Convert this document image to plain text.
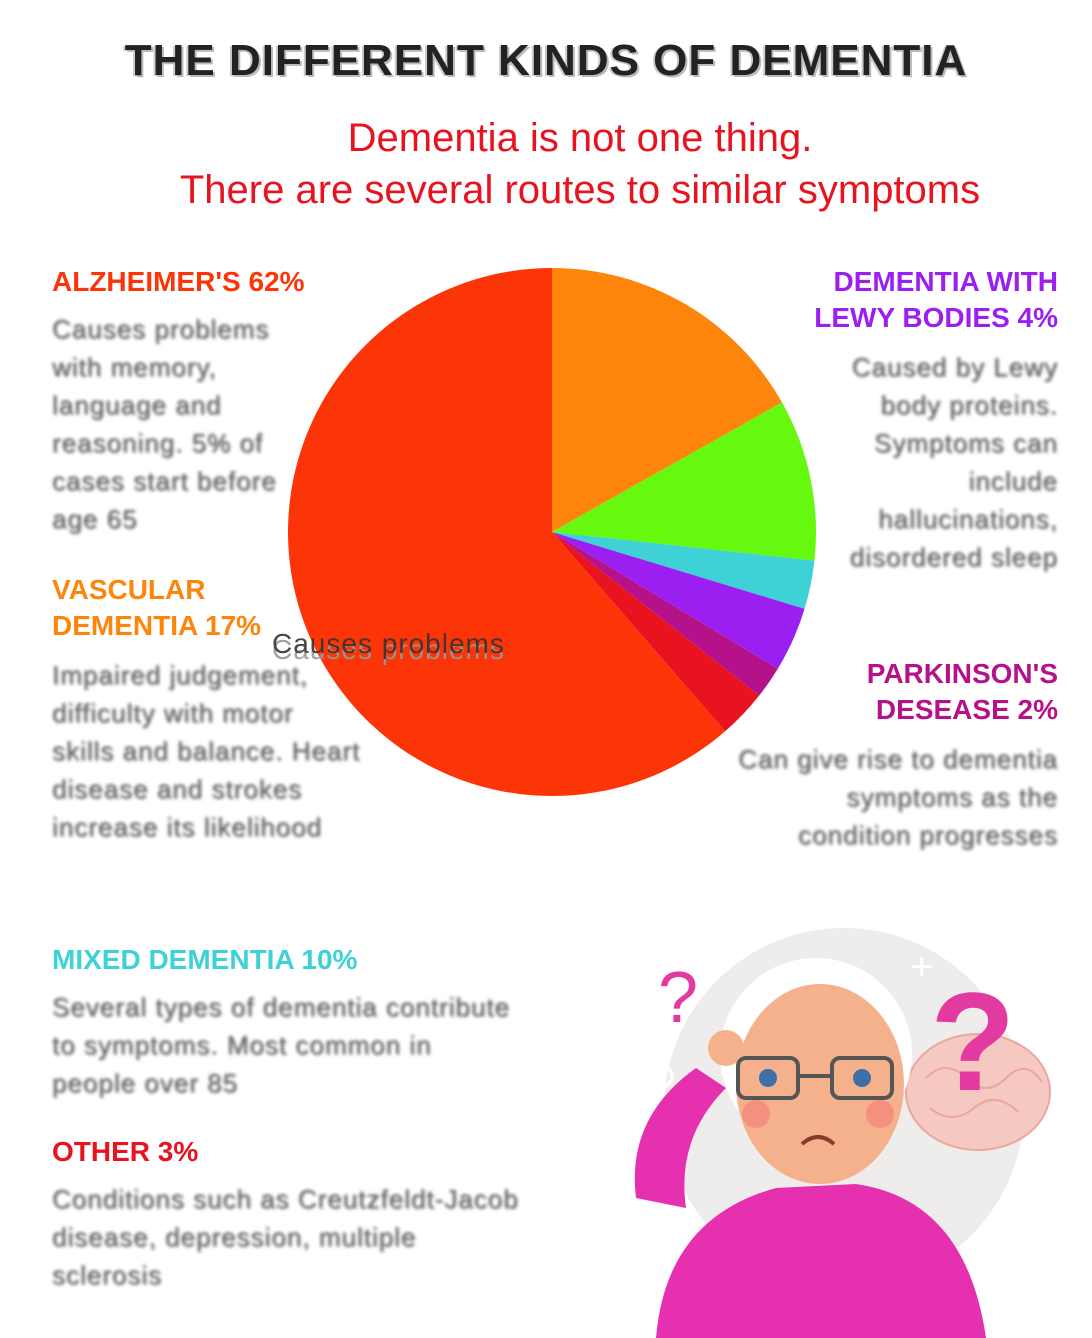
THE DIFFERENT KINDS OF DEMENTIA
Dementia is not one thing.
There are several routes to similar symptoms
Causes problems
ALZHEIMER'S 62%
Causes problems with memory, language and reasoning. 5% of cases start before age 65
VASCULAR
DEMENTIA 17%
Impaired judgement, difficulty with motor skills and balance. Heart disease and strokes increase its likelihood
MIXED DEMENTIA 10%
Several types of dementia contribute to symptoms. Most common in people over 85
OTHER 3%
Conditions such as Creutzfeldt-Jacob disease, depression, multiple sclerosis
DEMENTIA WITH
LEWY BODIES 4%
Caused by Lewy body proteins. Symptoms can include hallucinations, disordered sleep
PARKINSON'S
DESEASE 2%
Can give rise to dementia symptoms as the condition progresses
? ?
+
